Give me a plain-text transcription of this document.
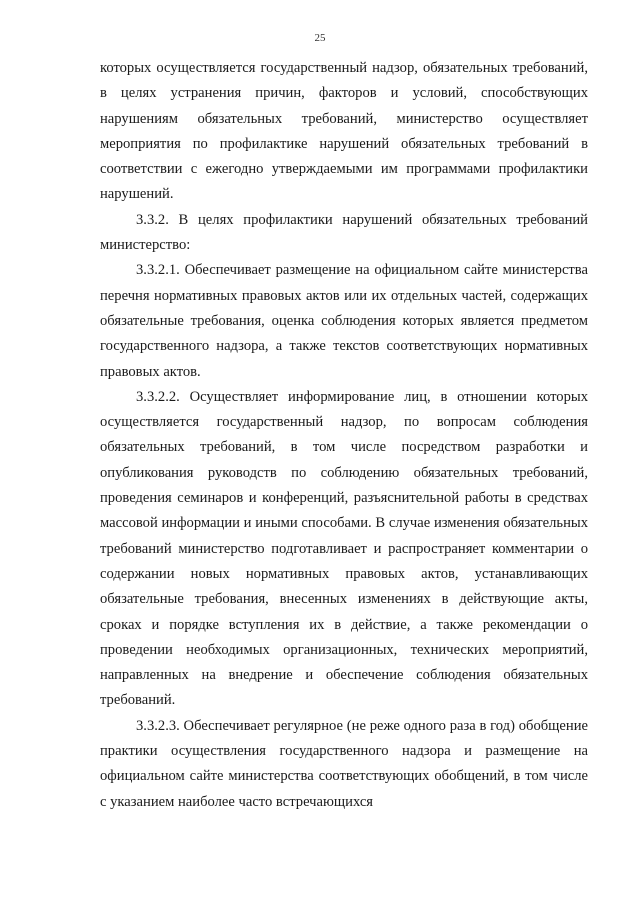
25

которых осуществляется государственный надзор, обязательных требований, в целях устранения причин, факторов и условий, способствующих нарушениям обязательных требований, министерство осуществляет мероприятия по профилактике нарушений обязательных требований в соответствии с ежегодно утверждаемыми им программами профилактики нарушений.

3.3.2. В целях профилактики нарушений обязательных требований министерство:

3.3.2.1. Обеспечивает размещение на официальном сайте министерства перечня нормативных правовых актов или их отдельных частей, содержащих обязательные требования, оценка соблюдения которых является предметом государственного надзора, а также текстов соответствующих нормативных правовых актов.

3.3.2.2. Осуществляет информирование лиц, в отношении которых осуществляется государственный надзор, по вопросам соблюдения обязательных требований, в том числе посредством разработки и опубликования руководств по соблюдению обязательных требований, проведения семинаров и конференций, разъяснительной работы в средствах массовой информации и иными способами. В случае изменения обязательных требований министерство подготавливает и распространяет комментарии о содержании новых нормативных правовых актов, устанавливающих обязательные требования, внесенных изменениях в действующие акты, сроках и порядке вступления их в действие, а также рекомендации о проведении необходимых организационных, технических мероприятий, направленных на внедрение и обеспечение соблюдения обязательных требований.

3.3.2.3. Обеспечивает регулярное (не реже одного раза в год) обобщение практики осуществления государственного надзора и размещение на официальном сайте министерства соответствующих обобщений, в том числе с указанием наиболее часто встречающихся
